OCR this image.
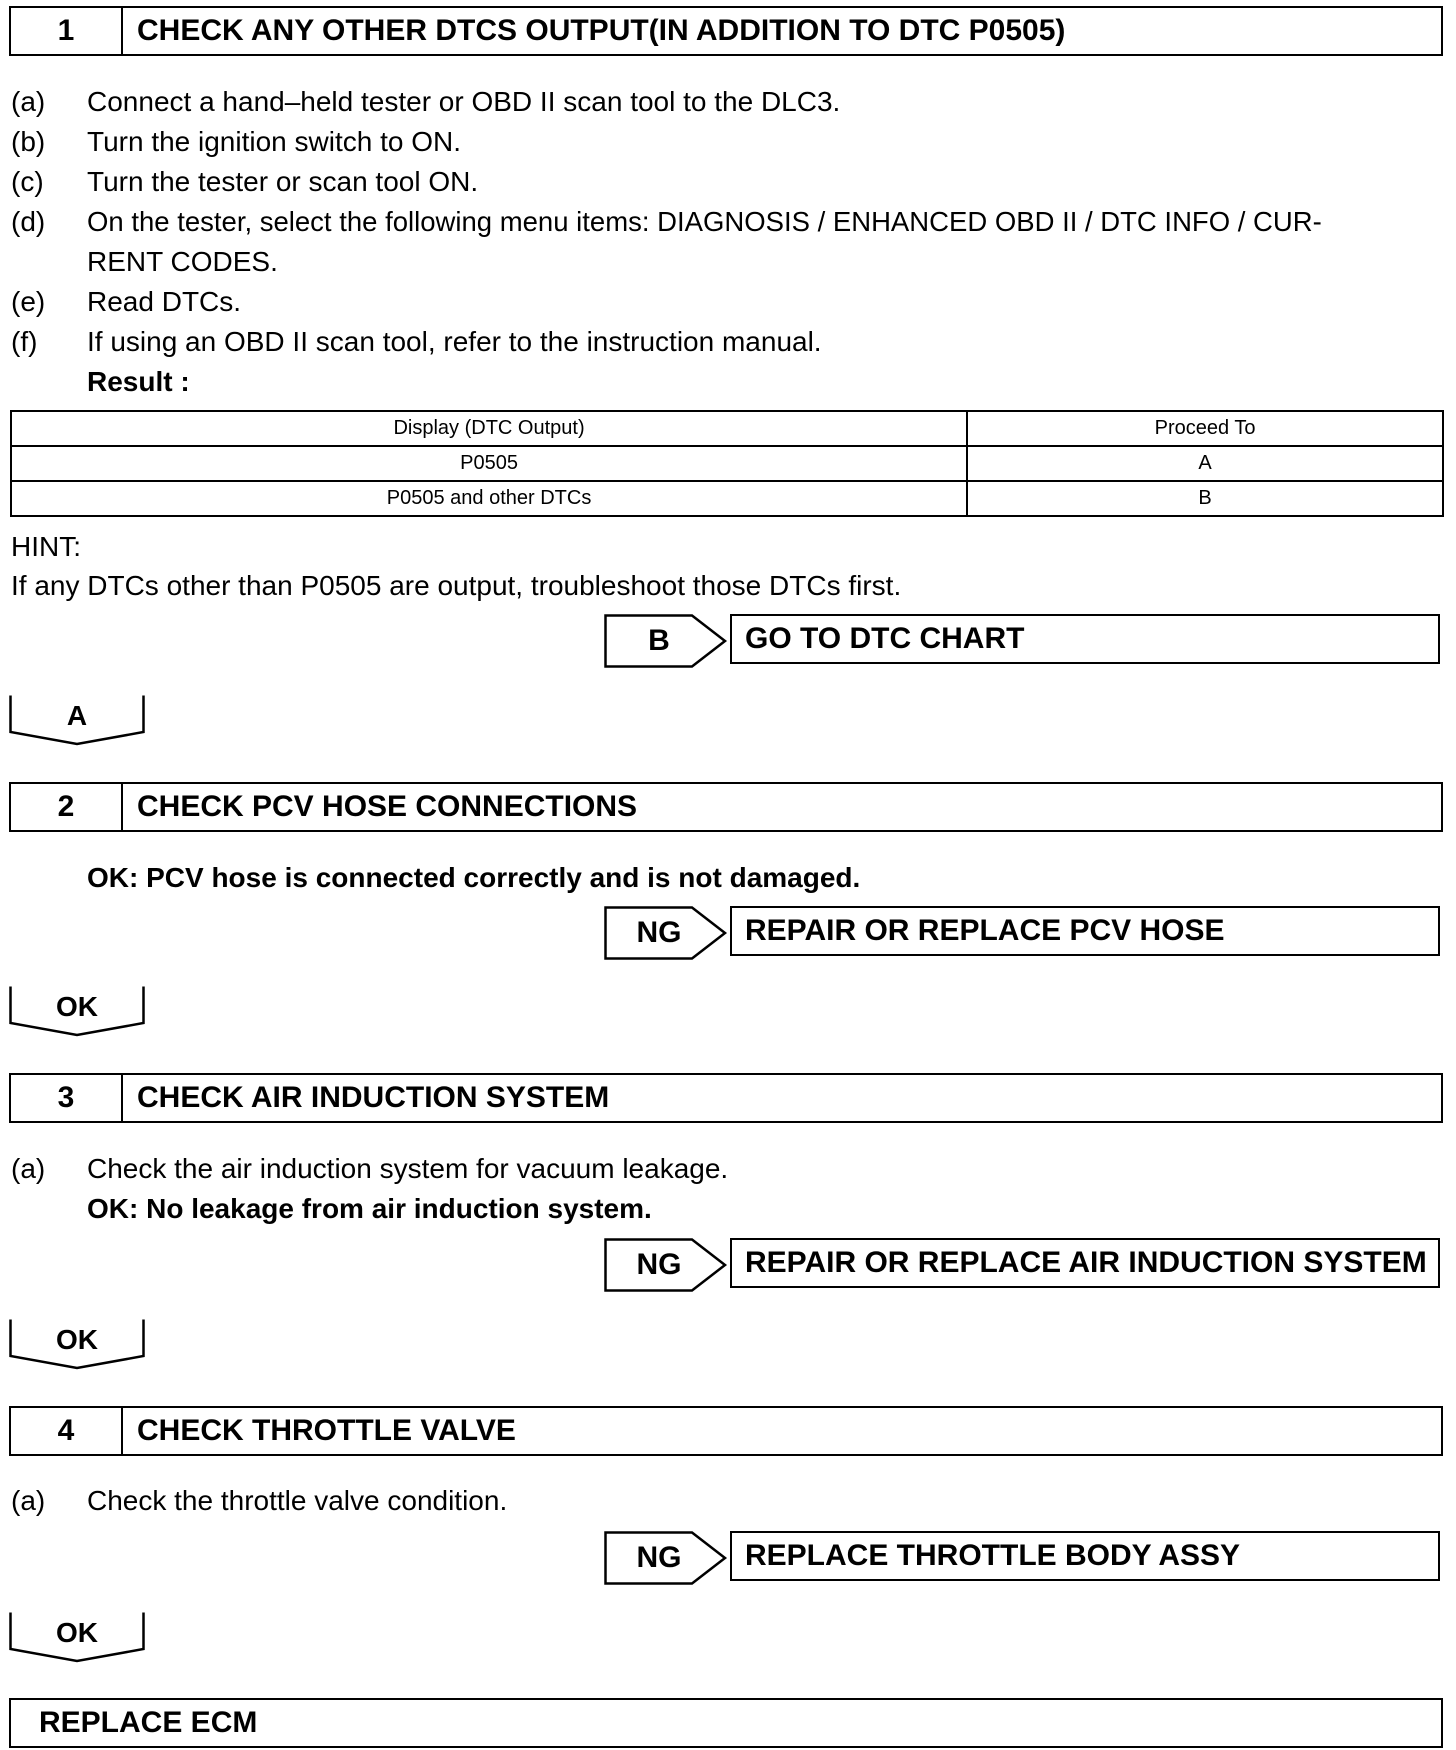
1	CHECK ANY OTHER DTCS OUTPUT(IN ADDITION TO DTC P0505)
(a) Connect a hand–held tester or OBD II scan tool to the DLC3.
(b) Turn the ignition switch to ON.
(c) Turn the tester or scan tool ON.
(d) On the tester, select the following menu items: DIAGNOSIS / ENHANCED OBD II / DTC INFO / CUR-
RENT CODES.
(e) Read DTCs.
(f) If using an OBD II scan tool, refer to the instruction manual.
Result :
Display (DTC Output)	Proceed To
P0505	A
P0505 and other DTCs	B
HINT:
If any DTCs other than P0505 are output, troubleshoot those DTCs first.
B	GO TO DTC CHART
A
2	CHECK PCV HOSE CONNECTIONS
OK: PCV hose is connected correctly and is not damaged.
NG	REPAIR OR REPLACE PCV HOSE
OK
3	CHECK AIR INDUCTION SYSTEM
(a) Check the air induction system for vacuum leakage.
OK: No leakage from air induction system.
NG	REPAIR OR REPLACE AIR INDUCTION SYSTEM
OK
4	CHECK THROTTLE VALVE
(a) Check the throttle valve condition.
NG	REPLACE THROTTLE BODY ASSY
OK
REPLACE ECM
